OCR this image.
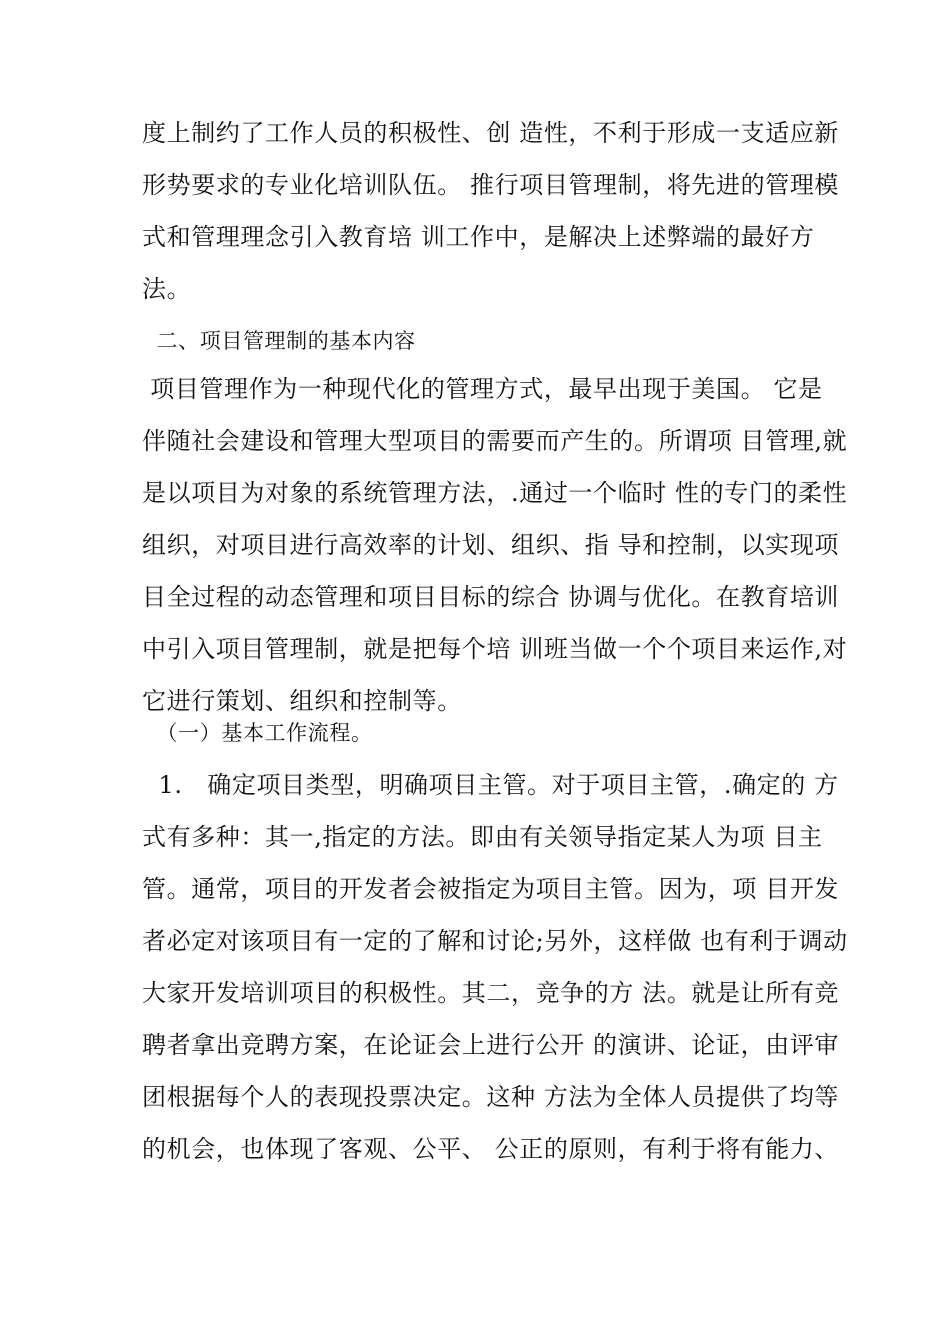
度上制约了工作人员的积极性、创 造性，不利于形成一支适应新
形势要求的专业化培训队伍。 推行项目管理制，将先进的管理模
式和管理理念引入教育培 训工作中，是解决上述弊端的最好方
法。
二、项目管理制的基本内容
项目管理作为一种现代化的管理方式，最早出现于美国。 它是
伴随社会建设和管理大型项目的需要而产生的。所谓项 目管理,就
是以项目为对象的系统管理方法，.通过一个临时 性的专门的柔性
组织，对项目进行高效率的计划、组织、指 导和控制，以实现项
目全过程的动态管理和项目目标的综合 协调与优化。在教育培训
中引入项目管理制，就是把每个培 训班当做一个个项目来运作,对
它进行策划、组织和控制等。
（一）基本工作流程。
1.   确定项目类型，明确项目主管。对于项目主管，.确定的 方
式有多种：其一,指定的方法。即由有关领导指定某人为项 目主
管。通常，项目的开发者会被指定为项目主管。因为，项 目开发
者必定对该项目有一定的了解和讨论;另外，这样做 也有利于调动
大家开发培训项目的积极性。其二，竞争的方 法。就是让所有竞
聘者拿出竞聘方案，在论证会上进行公开 的演讲、论证，由评审
团根据每个人的表现投票决定。这种 方法为全体人员提供了均等
的机会，也体现了客观、公平、 公正的原则，有利于将有能力、
